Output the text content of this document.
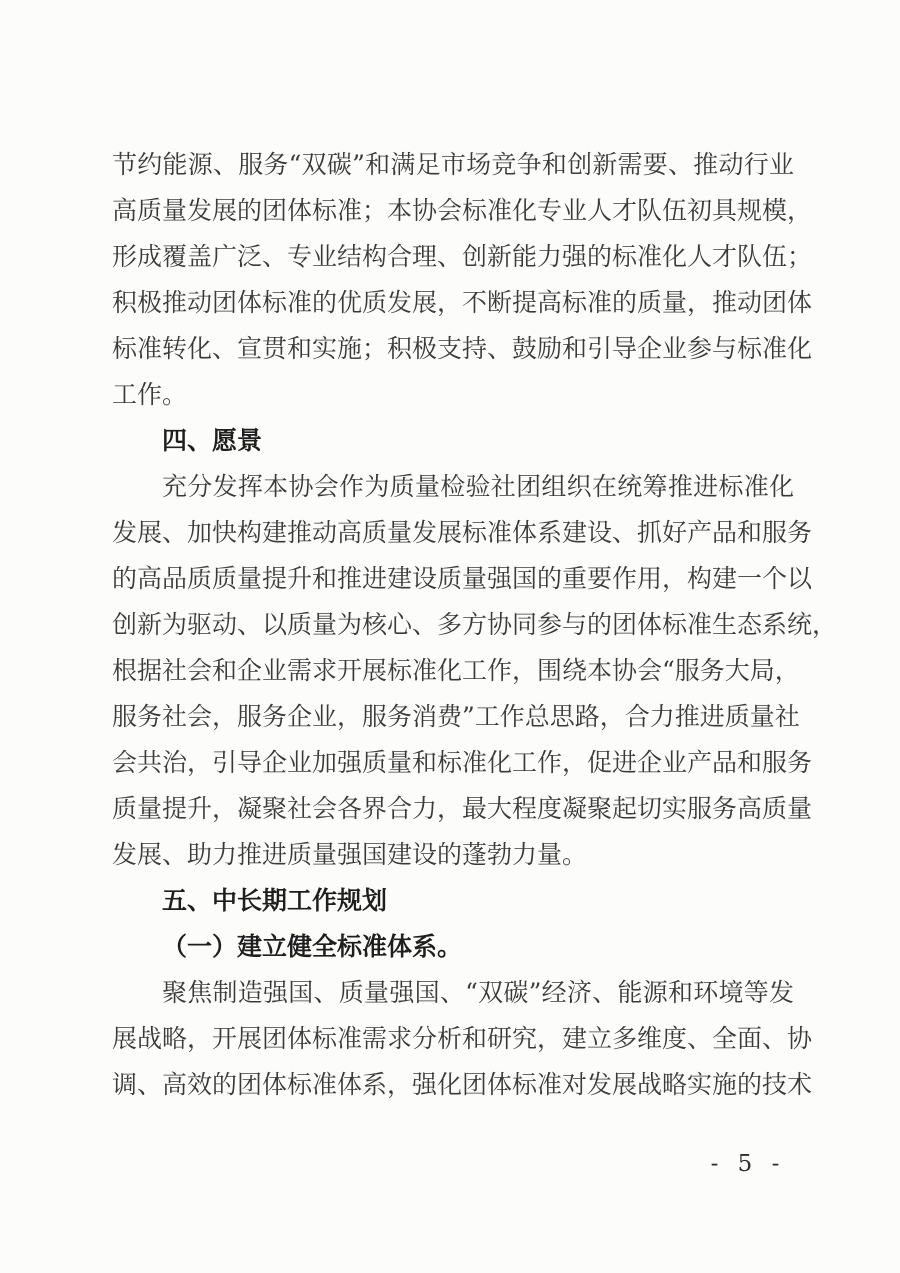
节约能源、服务“双碳”和满足市场竞争和创新需要、推动行业
高质量发展的团体标准；本协会标准化专业人才队伍初具规模，
形成覆盖广泛、专业结构合理、创新能力强的标准化人才队伍；
积极推动团体标准的优质发展，不断提高标准的质量，推动团体
标准转化、宣贯和实施；积极支持、鼓励和引导企业参与标准化
工作。
四、愿景
充分发挥本协会作为质量检验社团组织在统筹推进标准化
发展、加快构建推动高质量发展标准体系建设、抓好产品和服务
的高品质质量提升和推进建设质量强国的重要作用，构建一个以
创新为驱动、以质量为核心、多方协同参与的团体标准生态系统，
根据社会和企业需求开展标准化工作，围绕本协会“服务大局，
服务社会，服务企业，服务消费”工作总思路，合力推进质量社
会共治，引导企业加强质量和标准化工作，促进企业产品和服务
质量提升，凝聚社会各界合力，最大程度凝聚起切实服务高质量
发展、助力推进质量强国建设的蓬勃力量。
五、中长期工作规划
（一）建立健全标准体系。
聚焦制造强国、质量强国、“双碳”经济、能源和环境等发
展战略，开展团体标准需求分析和研究，建立多维度、全面、协
调、高效的团体标准体系，强化团体标准对发展战略实施的技术
- 5 -
